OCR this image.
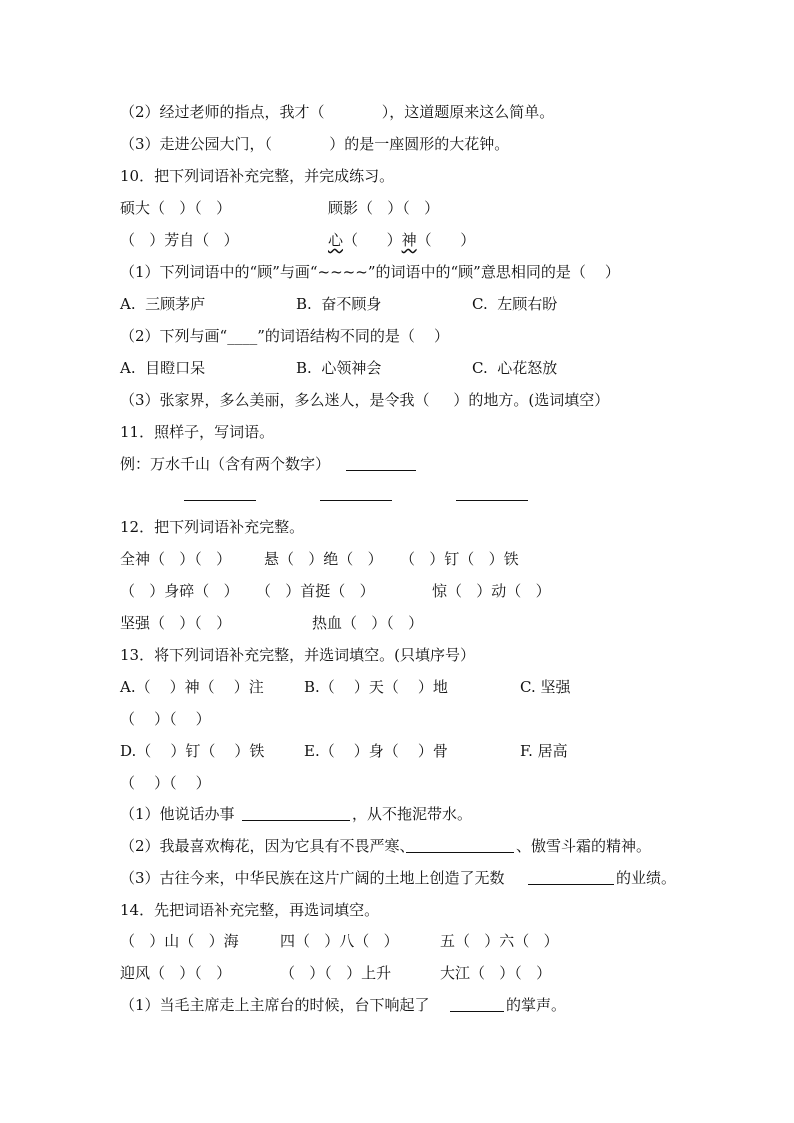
（2）经过老师的指点，我才（            ），这道题原来这么简单。
（3）走进公园大门，（            ）的是一座圆形的大花钟。
10．把下列词语补充完整，并完成练习。
硕大（   ）（   ）	顾影（   ）（   ）
（   ）芳自（   ）	心（      ）神（      ）
（1）下列词语中的“顾”与画“~~~~”的词语中的“顾”意思相同的是（    ）
A.  三顾茅庐	B.  奋不顾身	C.  左顾右盼
（2）下列与画“____”的词语结构不同的是（    ）
A.  目瞪口呆	B.  心领神会	C.  心花怒放
（3）张家界，多么美丽，多么迷人，是令我（     ）的地方。(选词填空）
11．照样子，写词语。
例：万水千山（含有两个数字）
12．把下列词语补充完整。
全神（   ）（   ） 悬（   ）绝（   ） （   ）钉（   ）铁
（   ）身碎（   ） （   ）首挺（   ）	惊（   ）动（   ）
坚强（   ）（   ）	热血（   ）（   ）
13．将下列词语补充完整，并选词填空。(只填序号）
A.（    ）神（    ）注	B.（    ）天（    ）地	C. 坚强
（    ）（    ）
D.（    ）钉（    ）铁	E.（    ）身（    ）骨	F. 居高
（    ）（    ）
（1）他说话办事	，从不拖泥带水。
（2）我最喜欢梅花，因为它具有不畏严寒、	、傲雪斗霜的精神。
（3）古往今来，中华民族在这片广阔的土地上创造了无数	的业绩。
14．先把词语补充完整，再选词填空。
（   ）山（   ）海	四（   ）八（   ）	五（   ）六（   ）
迎风（   ）（   ）	（   ）（   ）上升	大江（   ）（   ）
（1）当毛主席走上主席台的时候，台下响起了	的掌声。
